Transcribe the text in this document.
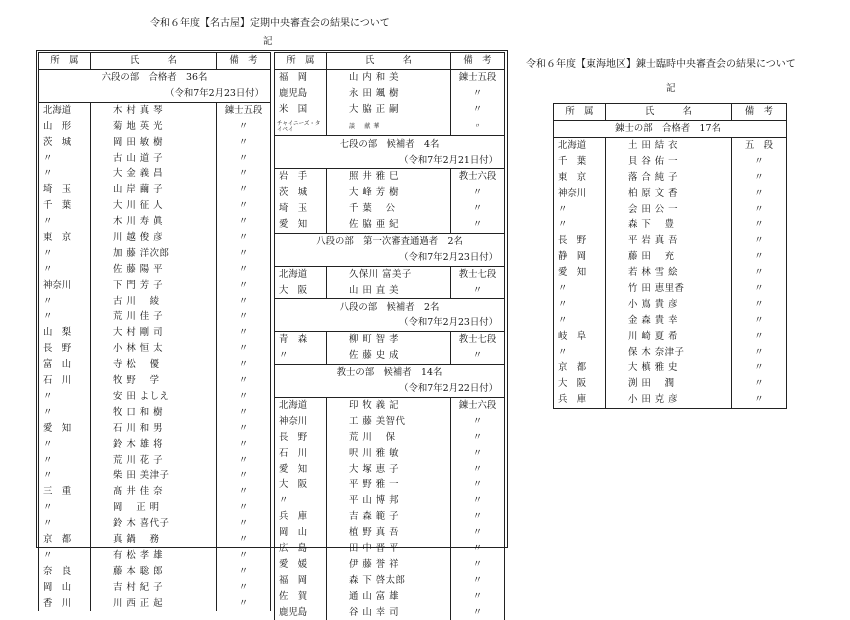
令和６年度【名古屋】定期中央審査会の結果について
記
令和６年度【東海地区】錬士臨時中央審査会の結果について
記
所　属	氏　　　名	備　考
六段の部　合格者　36名		
（令和7年2月23日付）		
北海道	木 村 真 琴	錬士五段
山　形	菊 地 英 光	〃
茨　城	岡 田 敏 樹	〃
〃	古 山 道 子	〃
〃	大 金 義 昌	〃
埼　玉	山 岸 繭 子	〃
千　葉	大 川 征 人	〃
〃	木 川 寿 眞	〃
東　京	川 越 俊 彦	〃
〃	加 藤 洋次郎	〃
〃	佐 藤 陽 平	〃
神奈川	下 門 芳 子	〃
〃	古 川　 綾	〃
〃	荒 川 佳 子	〃
山　梨	大 村 剛 司	〃
長　野	小 林 恒 太	〃
富　山	寺 松　 優	〃
石　川	牧 野　 学	〃
〃	安 田 よしえ	〃
〃	牧 口 和 樹	〃
愛　知	石 川 和 男	〃
〃	鈴 木 雄 将	〃
〃	荒 川 花 子	〃
〃	柴 田 美津子	〃
三　重	髙 井 佳 奈	〃
〃	岡　 正 明	〃
〃	鈴 木 喜代子	〃
京　都	真 鍋　 務	〃
〃	有 松 孝 雄	〃
奈　良	藤 本 聡 郎	〃
岡　山	吉 村 紀 子	〃
香　川	川 西 正 起	〃
所　属	氏　　　名	備　考
福　岡	山 内 和 美	錬士五段
鹿児島	永 田 颯 樹	〃
米　国	大 脇 正 嗣	〃
チャイニーズ・タイペイ	談　 献 華	〃
七段の部　候補者　4名		
（令和7年2月21日付）		
岩　手	照 井 雅 巳	教士六段
茨　城	大 峰 芳 樹	〃
埼　玉	千 葉　 公	〃
愛　知	佐 脇 亜 紀	〃
八段の部　第一次審査通過者　2名		
（令和7年2月23日付）		
北海道	久保川 富美子	教士七段
大　阪	山 田 直 美	〃
八段の部　候補者　2名		
（令和7年2月23日付）		
青　森	柳 町 智 孝	教士七段
〃	佐 藤 史 成	〃
教士の部　候補者　14名		
（令和7年2月22日付）		
北海道	印 牧 義 記	錬士六段
神奈川	工 藤 美智代	〃
長　野	荒 川　 保	〃
石　川	呎 川 雅 敏	〃
愛　知	大 塚 恵 子	〃
大　阪	平 野 雅 一	〃
〃	平 山 博 邦	〃
兵　庫	吉 森 範 子	〃
岡　山	植 野 真 吾	〃
広　島	田 中 晋 平	〃
愛　媛	伊 藤 誉 祥	〃
福　岡	森 下 啓太郎	〃
佐　賀	通 山 富 雄	〃
鹿児島	谷 山 幸 司	〃
所　属	氏　　　名	備　考
錬士の部　合格者　17名		
北海道	土 田 結 衣	五　段
千　葉	貝 谷 佑 一	〃
東　京	落 合 純 子	〃
神奈川	柏 原 文 香	〃
〃	会 田 公 一	〃
〃	森 下　 豊	〃
長　野	平 岩 真 吾	〃
静　岡	藤 田　 充	〃
愛　知	若 林 雪 絵	〃
〃	竹 田 恵里香	〃
〃	小 嶌 貴 彦	〃
〃	金 森 貴 幸	〃
岐　阜	川 崎 夏 希	〃
〃	保 木 奈津子	〃
京　都	大 槙 雅 史	〃
大　阪	渕 田　 潤	〃
兵　庫	小 田 克 彦	〃
